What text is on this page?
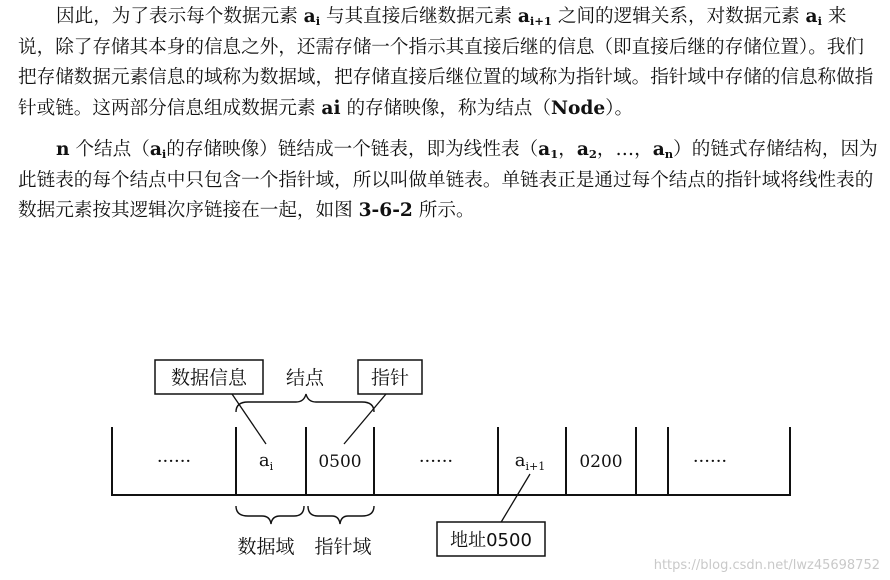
因此，为了表示每个数据元素 $a_i$ 与其直接后继数据元素 $a_{i+1}$ 之间的逻辑关系，对数据元素 $a_i$ 来说，除了存储其本身的信息之外，还需存储一个指示其直接后继的信息（即直接后继的存储位置）。我们把存储数据元素信息的域称为数据域，把存储直接后继位置的域称为指针域。指针域中存储的信息称做指针或链。这两部分信息组成数据元素 ai 的存储映像，称为结点（Node）。

n 个结点（$a_i$的存储映像）链结成一个链表，即为线性表（$a_1$，$a_2$，…，$a_n$）的链式存储结构，因为此链表的每个结点中只包含一个指针域，所以叫做单链表。单链表正是通过每个结点的指针域将线性表的数据元素按其逻辑次序链接在一起，如图 3-6-2 所示。

······	$a_i$	0500	······	$a_{i+1}$ 0200	······
数据信息 结点 指针
数据域 指针域	地址0500
https://blog.csdn.net/lwz45698752
